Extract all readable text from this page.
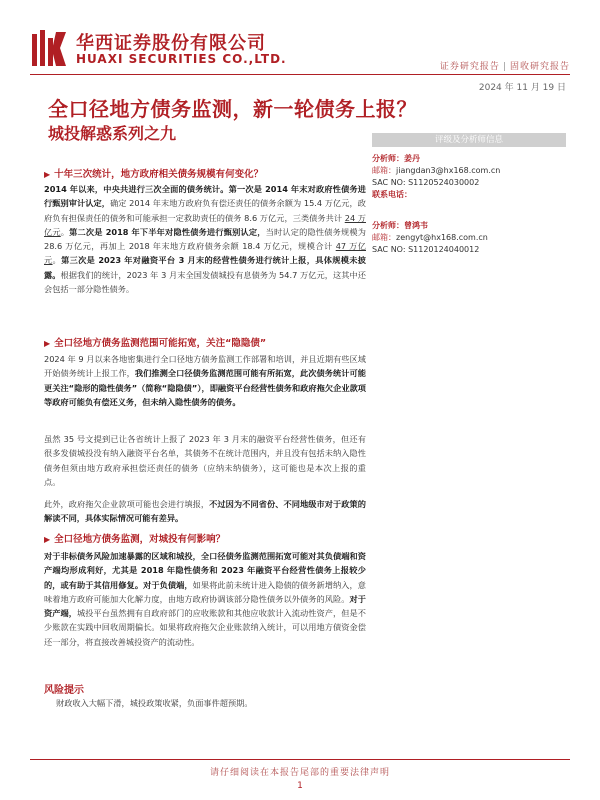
华西证券股份有限公司
HUAXI SECURITIES CO.,LTD.
证券研究报告 | 固收研究报告
2024 年 11 月 19 日
全口径地方债务监测，新一轮债务上报？
城投解惑系列之九	评级及分析师信息
分析师：姜丹
邮箱：jiangdan3@hx168.com.cn
SAC NO: S1120524030002
联系电话：
分析师：曾鸿韦
邮箱：zengyt@hx168.com.cn
SAC NO: S1120124040012
▶ 十年三次统计，地方政府相关债务规模有何变化？

2014 年以来，中央共进行三次全面的债务统计。第一次是 2014 年末对政府性债务进行甄别审计认定，确定 2014 年末地方政府负有偿还责任的债务余额为 15.4 万亿元，政府负有担保责任的债务和可能承担一定救助责任的债务 8.6 万亿元，三类债务共计 24 万亿元。第二次是 2018 年下半年对隐性债务进行甄别认定，当时认定的隐性债务规模为 28.6 万亿元，再加上 2018 年末地方政府债务余额 18.4 万亿元，规模合计 47 万亿元。第三次是 2023 年对融资平台 3 月末的经营性债务进行统计上报，具体规模未披露。根据我们的统计，2023 年 3 月末全国发债城投有息债务为 54.7 万亿元，这其中还会包括一部分隐性债务。

▶ 全口径地方债务监测范围可能拓宽，关注“隐隐债”

2024 年 9 月以来各地密集进行全口径地方债务监测工作部署和培训，并且近期有些区域开始债务统计上报工作，我们推测全口径债务监测范围可能有所拓宽，此次债务统计可能更关注“隐形的隐性债务”（简称“隐隐债”），即融资平台经营性债务和政府拖欠企业款项等政府可能负有偿还义务，但未纳入隐性债务的债务。

虽然 35 号文提到已让各省统计上报了 2023 年 3 月末的融资平台经营性债务，但还有很多发债城投没有纳入融资平台名单，其债务不在统计范围内，并且没有包括未纳入隐性债务但须由地方政府承担偿还责任的债务（应纳未纳债务），这可能也是本次上报的重点。

此外，政府拖欠企业款项可能也会进行填报，不过因为不同省份、不同地级市对于政策的解读不同，具体实际情况可能有差异。

▶ 全口径地方债务监测，对城投有何影响？

对于非标债务风险加速暴露的区域和城投，全口径债务监测范围拓宽可能对其负债端和资产端均形成利好，尤其是 2018 年隐性债务和 2023 年融资平台经营性债务上报较少的，或有助于其信用修复。对于负债端，如果将此前未统计进入隐债的债务新增纳入，意味着地方政府可能加大化解力度，由地方政府协调该部分隐性债务以外债务的风险。对于资产端，城投平台虽然拥有自政府部门的应收账款和其他应收款计入流动性资产，但是不少账款在实践中回收周期偏长。如果将政府拖欠企业账款纳入统计，可以用地方债资金偿还一部分，将直接改善城投资产的流动性。

风险提示
财政收入大幅下滑，城投政策收紧，负面事件超预期。
请仔细阅读在本报告尾部的重要法律声明
1
